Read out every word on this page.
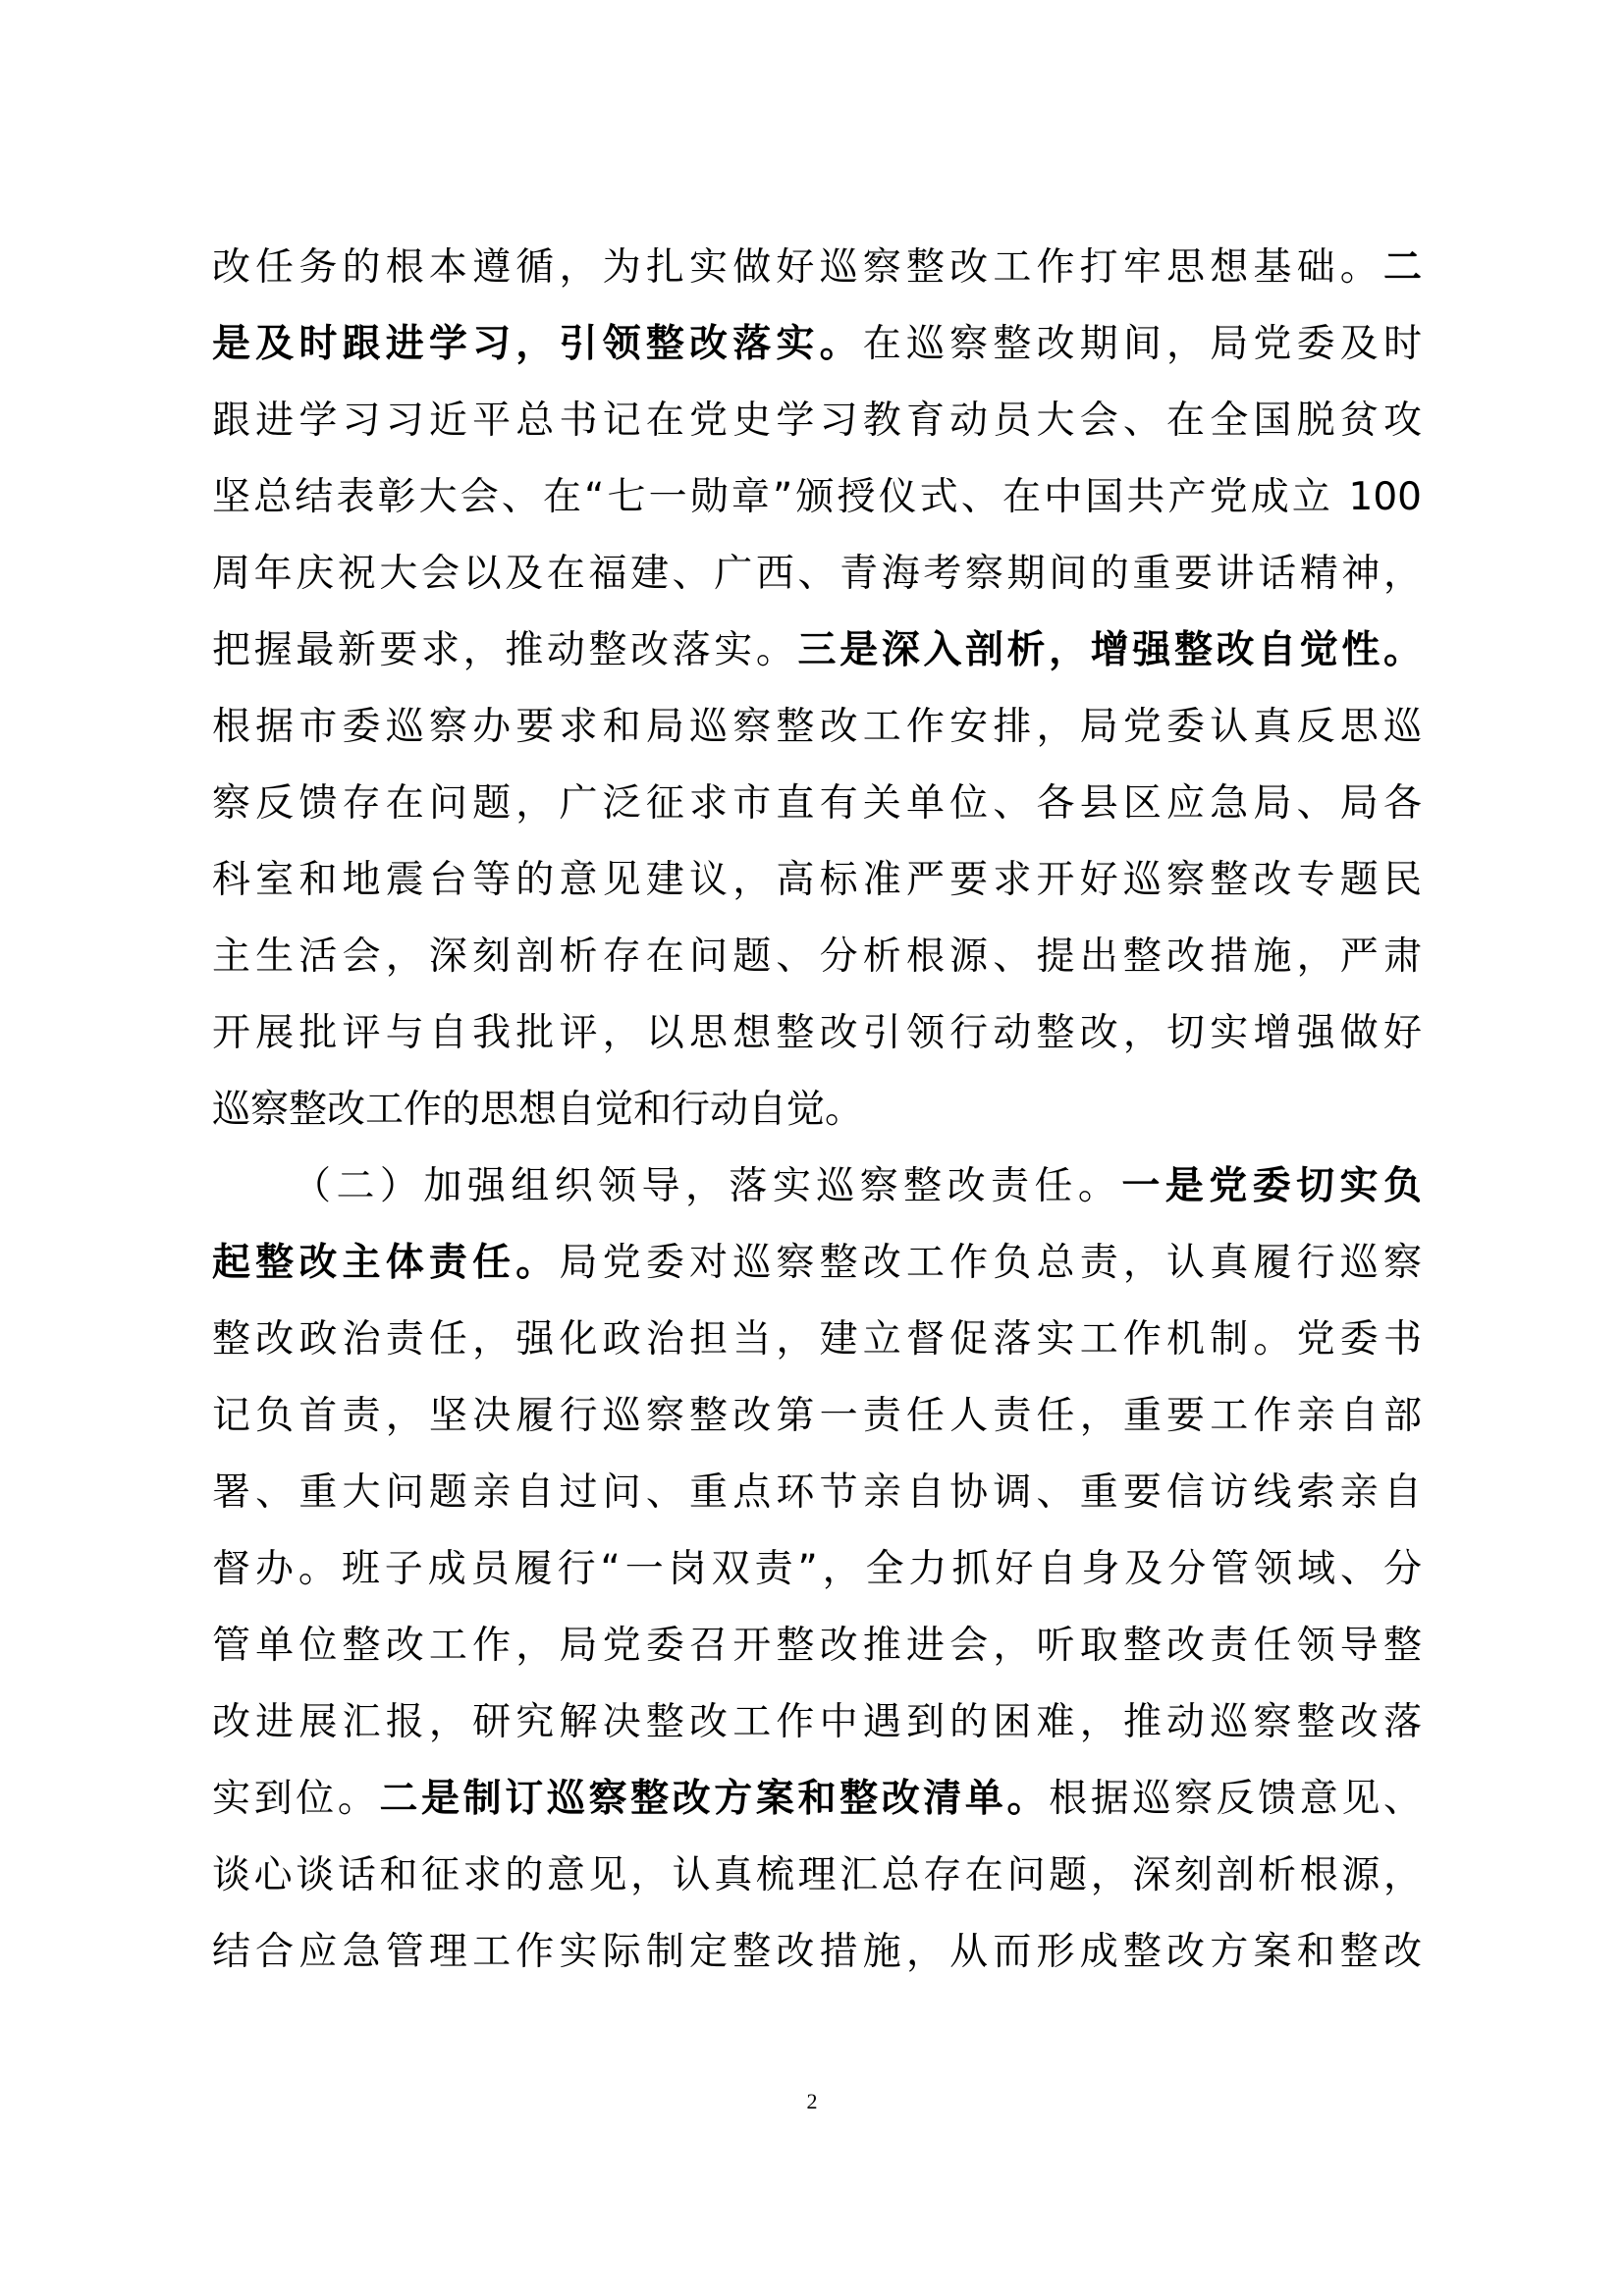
改任务的根本遵循，为扎实做好巡察整改工作打牢思想基础。二
是及时跟进学习，引领整改落实。在巡察整改期间，局党委及时
跟进学习习近平总书记在党史学习教育动员大会、在全国脱贫攻
坚总结表彰大会、在“七一勋章”颁授仪式、在中国共产党成立 100
周年庆祝大会以及在福建、广西、青海考察期间的重要讲话精神，
把握最新要求，推动整改落实。三是深入剖析，增强整改自觉性。
根据市委巡察办要求和局巡察整改工作安排，局党委认真反思巡
察反馈存在问题，广泛征求市直有关单位、各县区应急局、局各
科室和地震台等的意见建议，高标准严要求开好巡察整改专题民
主生活会，深刻剖析存在问题、分析根源、提出整改措施，严肃
开展批评与自我批评，以思想整改引领行动整改，切实增强做好
巡察整改工作的思想自觉和行动自觉。
（二）加强组织领导，落实巡察整改责任。一是党委切实负
起整改主体责任。局党委对巡察整改工作负总责，认真履行巡察
整改政治责任，强化政治担当，建立督促落实工作机制。党委书
记负首责，坚决履行巡察整改第一责任人责任，重要工作亲自部
署、重大问题亲自过问、重点环节亲自协调、重要信访线索亲自
督办。班子成员履行“一岗双责”，全力抓好自身及分管领域、分
管单位整改工作，局党委召开整改推进会，听取整改责任领导整
改进展汇报，研究解决整改工作中遇到的困难，推动巡察整改落
实到位。二是制订巡察整改方案和整改清单。根据巡察反馈意见、
谈心谈话和征求的意见，认真梳理汇总存在问题，深刻剖析根源，
结合应急管理工作实际制定整改措施，从而形成整改方案和整改
2
